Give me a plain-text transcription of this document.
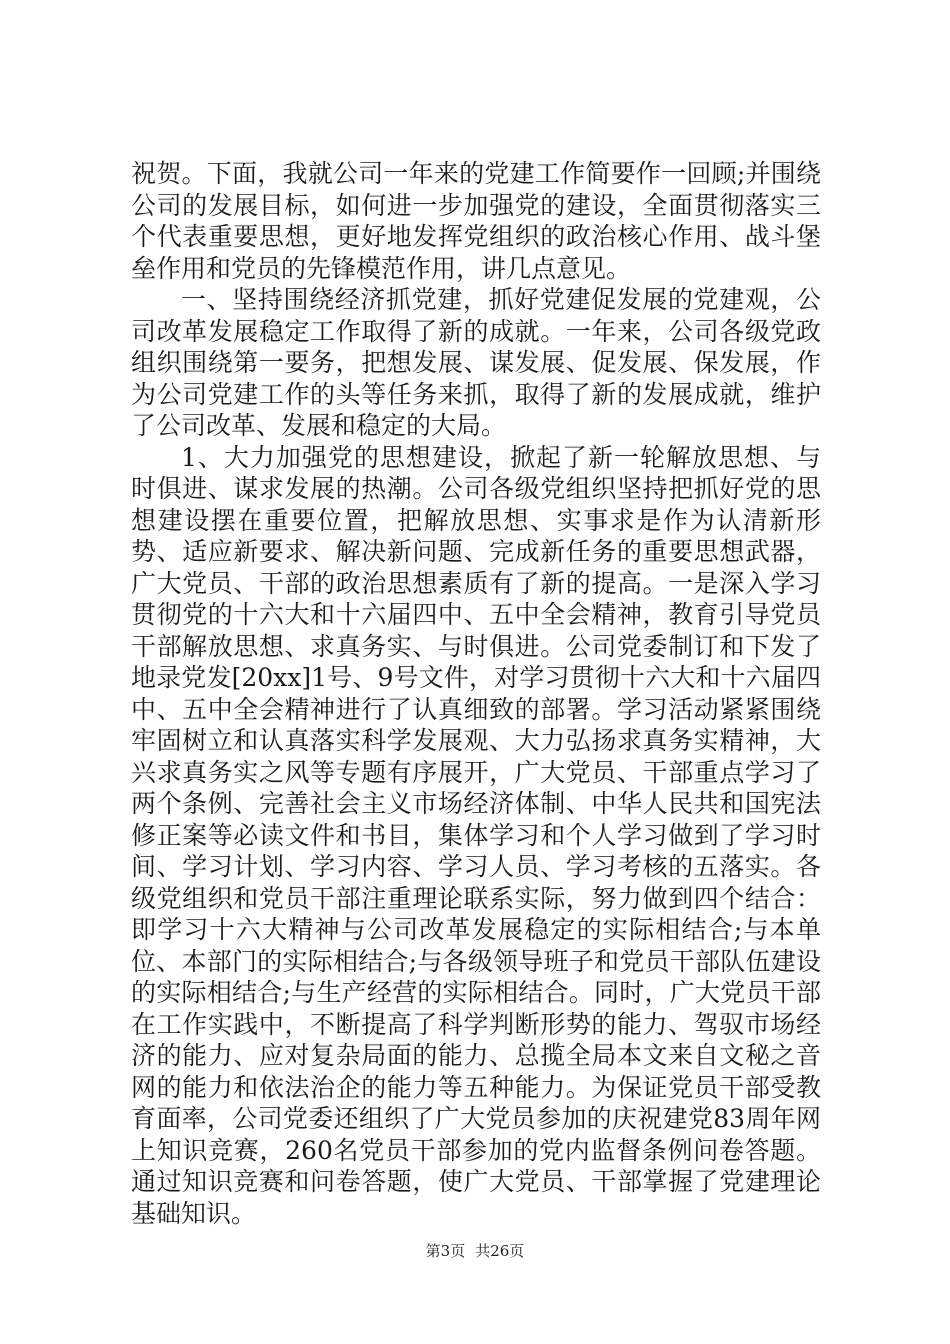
祝贺。下面，我就公司一年来的党建工作简要作一回顾;并围绕公司的发展目标，如何进一步加强党的建设，全面贯彻落实三个代表重要思想，更好地发挥党组织的政治核心作用、战斗堡垒作用和党员的先锋模范作用，讲几点意见。

一、坚持围绕经济抓党建，抓好党建促发展的党建观，公司改革发展稳定工作取得了新的成就。一年来，公司各级党政组织围绕第一要务，把想发展、谋发展、促发展、保发展，作为公司党建工作的头等任务来抓，取得了新的发展成就，维护了公司改革、发展和稳定的大局。

1、大力加强党的思想建设，掀起了新一轮解放思想、与时俱进、谋求发展的热潮。公司各级党组织坚持把抓好党的思想建设摆在重要位置，把解放思想、实事求是作为认清新形势、适应新要求、解决新问题、完成新任务的重要思想武器，广大党员、干部的政治思想素质有了新的提高。一是深入学习贯彻党的十六大和十六届四中、五中全会精神，教育引导党员干部解放思想、求真务实、与时俱进。公司党委制订和下发了地录党发[20xx]1号、9号文件，对学习贯彻十六大和十六届四中、五中全会精神进行了认真细致的部署。学习活动紧紧围绕牢固树立和认真落实科学发展观、大力弘扬求真务实精神，大兴求真务实之风等专题有序展开，广大党员、干部重点学习了两个条例、完善社会主义市场经济体制、中华人民共和国宪法修正案等必读文件和书目，集体学习和个人学习做到了学习时间、学习计划、学习内容、学习人员、学习考核的五落实。各级党组织和党员干部注重理论联系实际，努力做到四个结合：即学习十六大精神与公司改革发展稳定的实际相结合;与本单位、本部门的实际相结合;与各级领导班子和党员干部队伍建设的实际相结合;与生产经营的实际相结合。同时，广大党员干部在工作实践中，不断提高了科学判断形势的能力、驾驭市场经济的能力、应对复杂局面的能力、总揽全局本文来自文秘之音网的能力和依法治企的能力等五种能力。为保证党员干部受教育面率，公司党委还组织了广大党员参加的庆祝建党83周年网上知识竞赛，260名党员干部参加的党内监督条例问卷答题。通过知识竞赛和问卷答题，使广大党员、干部掌握了党建理论基础知识。

第3页 共26页
